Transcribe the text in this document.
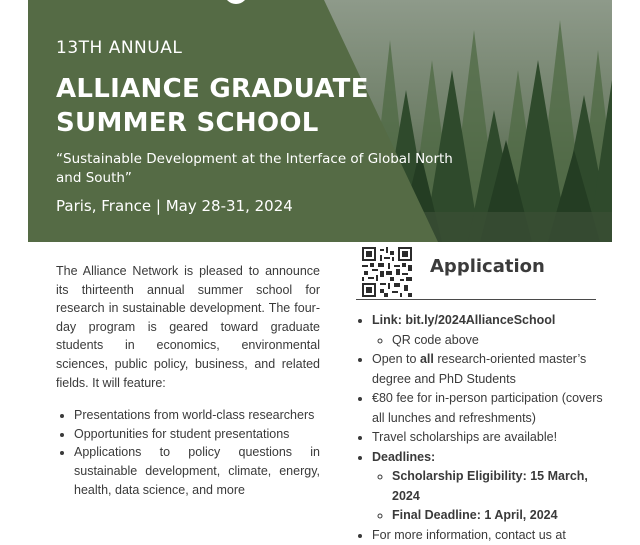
13TH ANNUAL
ALLIANCE GRADUATE
SUMMER SCHOOL
“Sustainable Development at the Interface of Global North and South”
Paris, France | May 28-31, 2024

The Alliance Network is pleased to announce its thirteenth annual summer school for research in sustainable development. The four-day program is geared toward graduate students in economics, environmental sciences, public policy, business, and related fields. It will feature:

• Presentations from world-class researchers
• Opportunities for student presentations
• Applications to policy questions in sustainable development, climate, energy, health, data science, and more
Application
• Link: bit.ly/2024AllianceSchool
◦ QR code above
• Open to all research-oriented master’s degree and PhD Students
• €80 fee for in-person participation (covers all lunches and refreshments)
• Travel scholarships are available!
• Deadlines:
◦ Scholarship Eligibility: 15 March, 2024
◦ Final Deadline: 1 April, 2024
• For more information, contact us at
